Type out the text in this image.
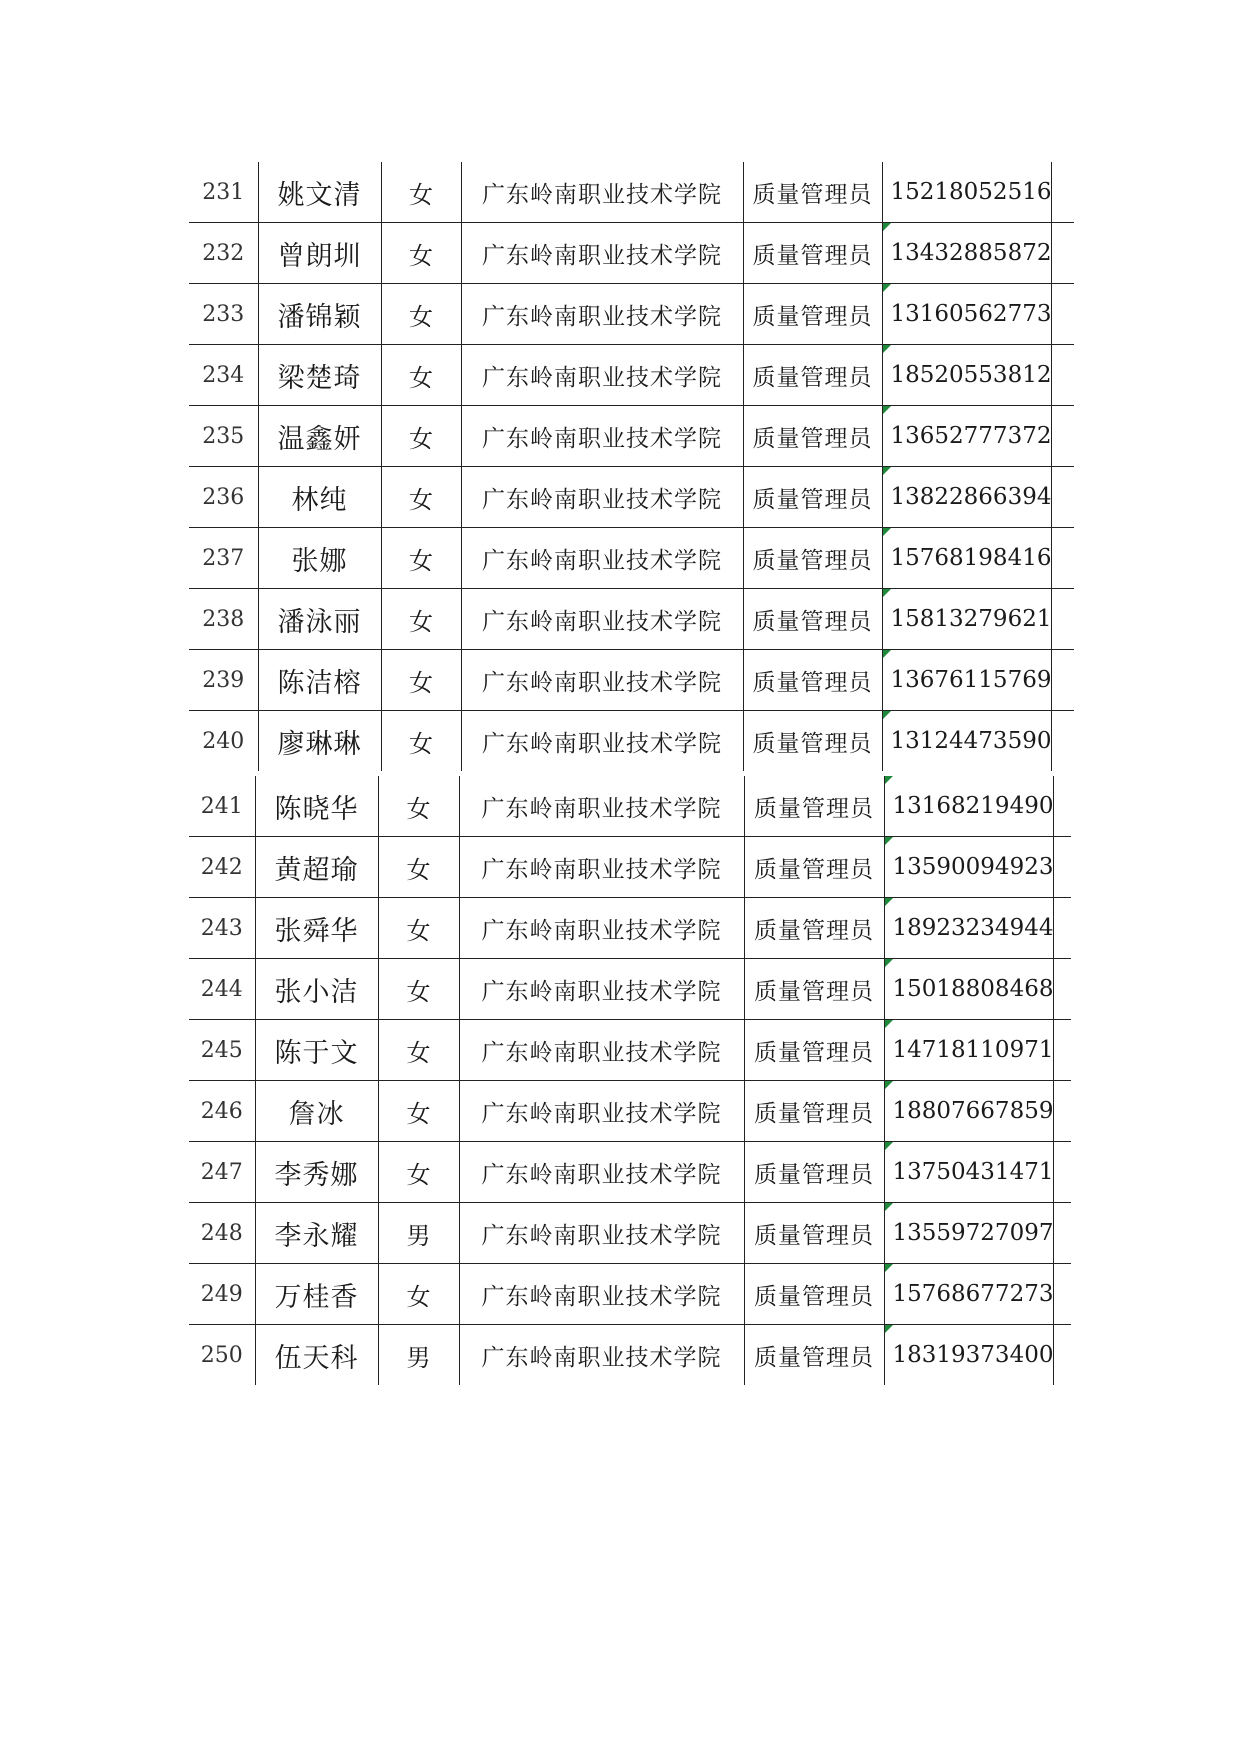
231	姚文清	女	广东岭南职业技术学院	质量管理员	15218052516	
232	曾朗圳	女	广东岭南职业技术学院	质量管理员	13432885872

233	潘锦颖	女	广东岭南职业技术学院	质量管理员	13160562773

234	梁楚琦	女	广东岭南职业技术学院	质量管理员	18520553812

235	温鑫妍	女	广东岭南职业技术学院	质量管理员	13652777372

236	林纯	女	广东岭南职业技术学院	质量管理员	13822866394

237	张娜	女	广东岭南职业技术学院	质量管理员	15768198416

238	潘泳丽	女	广东岭南职业技术学院	质量管理员	15813279621

239	陈洁榕	女	广东岭南职业技术学院	质量管理员	13676115769

240	廖琳琳	女	广东岭南职业技术学院	质量管理员	13124473590

241	陈晓华	女	广东岭南职业技术学院	质量管理员	13168219490

242	黄超瑜	女	广东岭南职业技术学院	质量管理员	13590094923

243	张舜华	女	广东岭南职业技术学院	质量管理员	18923234944

244	张小洁	女	广东岭南职业技术学院	质量管理员	15018808468

245	陈于文	女	广东岭南职业技术学院	质量管理员	14718110971

246	詹冰	女	广东岭南职业技术学院	质量管理员	18807667859

247	李秀娜	女	广东岭南职业技术学院	质量管理员	13750431471

248	李永耀	男	广东岭南职业技术学院	质量管理员	13559727097

249	万桂香	女	广东岭南职业技术学院	质量管理员	15768677273

250	伍天科	男	广东岭南职业技术学院	质量管理员	18319373400
